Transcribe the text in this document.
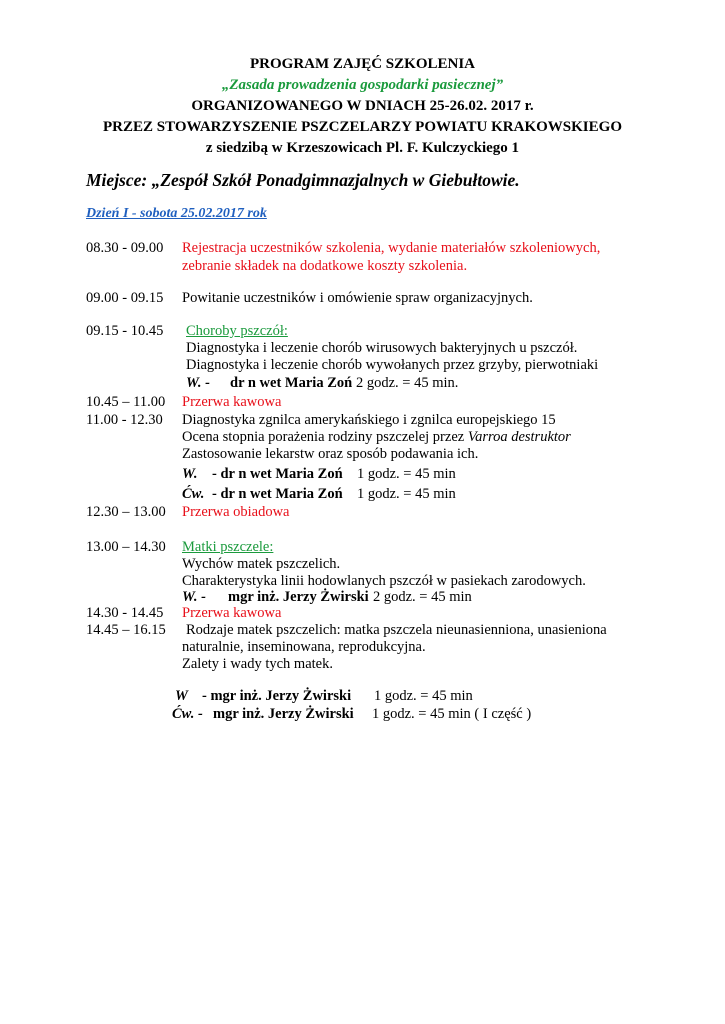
PROGRAM ZAJĘĆ SZKOLENIA
„Zasada prowadzenia gospodarki pasiecznej”
ORGANIZOWANEGO W DNIACH 25-26.02. 2017 r.
PRZEZ STOWARZYSZENIE PSZCZELARZY POWIATU KRAKOWSKIEGO
z siedzibą w Krzeszowicach Pl. F. Kulczyckiego 1
Miejsce: „Zespół Szkół Ponadgimnazjalnych w Giebułtowie.
Dzień I - sobota 25.02.2017 rok
08.30 - 09.00 Rejestracja uczestników szkolenia, wydanie materiałów szkoleniowych,
zebranie składek na dodatkowe koszty szkolenia.
09.00 - 09.15 Powitanie uczestników i omówienie spraw organizacyjnych.
09.15 - 10.45 Choroby pszczół:
Diagnostyka i leczenie chorób wirusowych bakteryjnych u pszczół.
Diagnostyka i leczenie chorób wywołanych przez grzyby, pierwotniaki
W. - dr n wet Maria Zoń 2 godz. = 45 min.
10.45 – 11.00 Przerwa kawowa
11.00 - 12.30 Diagnostyka zgnilca amerykańskiego i zgnilca europejskiego 15
Ocena stopnia porażenia rodziny pszczelej przez Varroa destruktor
Zastosowanie lekarstw oraz sposób podawania ich.
W. - dr n wet Maria Zoń 1 godz. = 45 min
Ćw. - dr n wet Maria Zoń 1 godz. = 45 min
12.30 – 13.00 Przerwa obiadowa
13.00 – 14.30 Matki pszczele:
Wychów matek pszczelich.
Charakterystyka linii hodowlanych pszczół w pasiekach zarodowych.
W. - mgr inż. Jerzy Żwirski 2 godz. = 45 min
14.30 - 14.45 Przerwa kawowa
14.45 – 16.15 Rodzaje matek pszczelich: matka pszczela nieunasienniona, unasieniona
naturalnie, inseminowana, reprodukcyjna.
Zalety i wady tych matek.
W - mgr inż. Jerzy Żwirski 1 godz. = 45 min
Ćw. - mgr inż. Jerzy Żwirski 1 godz. = 45 min ( I część )
